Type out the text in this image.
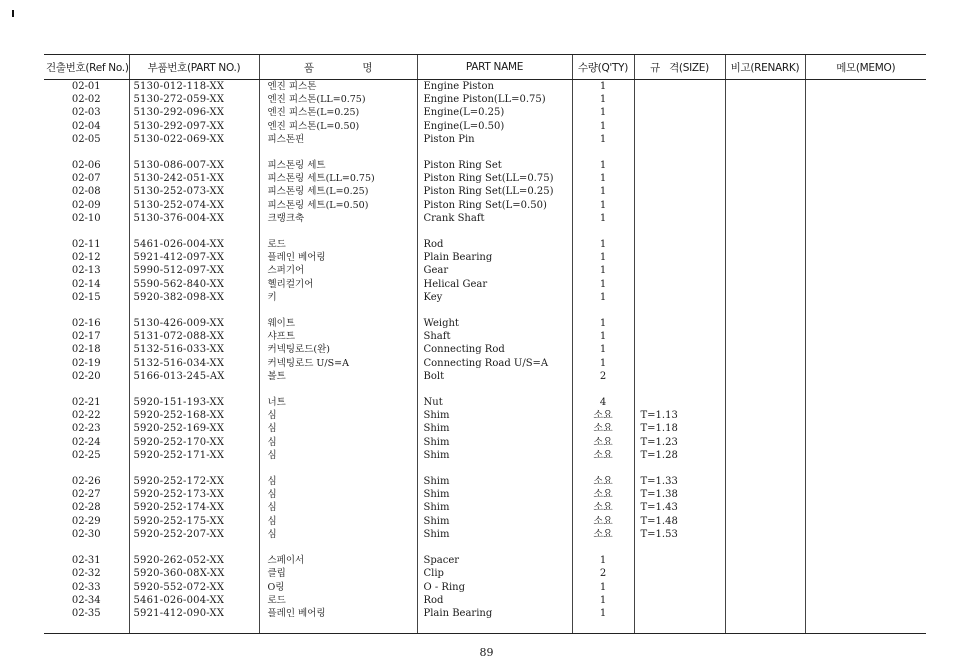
건출번호(Ref No.)	부품번호(PART NO.)	품 명	PART NAME	수량(Q'TY)	규 격(SIZE)	비고(RENARK)	메모(MEMO)
02-01	5130-012-118-XX	엔진 피스톤	Engine Piston	1			
02-02	5130-272-059-XX	엔진 피스톤(LL=0.75)	Engine Piston(LL=0.75)	1			
02-03	5130-292-096-XX	엔진 피스톤(L=0.25)	Engine(L=0.25)	1			
02-04	5130-292-097-XX	엔진 피스톤(L=0.50)	Engine(L=0.50)	1			
02-05	5130-022-069-XX	피스톤핀	Piston Pin	1			

02-06	5130-086-007-XX	피스톤링 세트	Piston Ring Set	1			
02-07	5130-242-051-XX	피스톤링 세트(LL=0.75)	Piston Ring Set(LL=0.75)	1			
02-08	5130-252-073-XX	피스톤링 세트(L=0.25)	Piston Ring Set(LL=0.25)	1			
02-09	5130-252-074-XX	피스톤링 세트(L=0.50)	Piston Ring Set(L=0.50)	1			
02-10	5130-376-004-XX	크랭크축	Crank Shaft	1			

02-11	5461-026-004-XX	로드	Rod	1			
02-12	5921-412-097-XX	플레인 베어링	Plain Bearing	1			
02-13	5990-512-097-XX	스퍼기어	Gear	1			
02-14	5590-562-840-XX	헬리컬기어	Helical Gear	1			
02-15	5920-382-098-XX	키	Key	1			

02-16	5130-426-009-XX	웨이트	Weight	1			
02-17	5131-072-088-XX	샤프트	Shaft	1			
02-18	5132-516-033-XX	커넥팅로드(완)	Connecting Rod	1			
02-19	5132-516-034-XX	커넥팅로드 U/S=A	Connecting Road U/S=A	1			
02-20	5166-013-245-AX	볼트	Bolt	2			

02-21	5920-151-193-XX	너트	Nut	4			
02-22	5920-252-168-XX	심	Shim	소요	T=1.13		
02-23	5920-252-169-XX	심	Shim	소요	T=1.18		
02-24	5920-252-170-XX	심	Shim	소요	T=1.23		
02-25	5920-252-171-XX	심	Shim	소요	T=1.28		

02-26	5920-252-172-XX	심	Shim	소요	T=1.33		
02-27	5920-252-173-XX	심	Shim	소요	T=1.38		
02-28	5920-252-174-XX	심	Shim	소요	T=1.43		
02-29	5920-252-175-XX	심	Shim	소요	T=1.48		
02-30	5920-252-207-XX	심	Shim	소요	T=1.53		

02-31	5920-262-052-XX	스페이서	Spacer	1			
02-32	5920-360-08X-XX	클립	Clip	2			
02-33	5920-552-072-XX	O링	O - Ring	1			
02-34	5461-026-004-XX	로드	Rod	1			
02-35	5921-412-090-XX	플레인 베어링	Plain Bearing	1			

89
